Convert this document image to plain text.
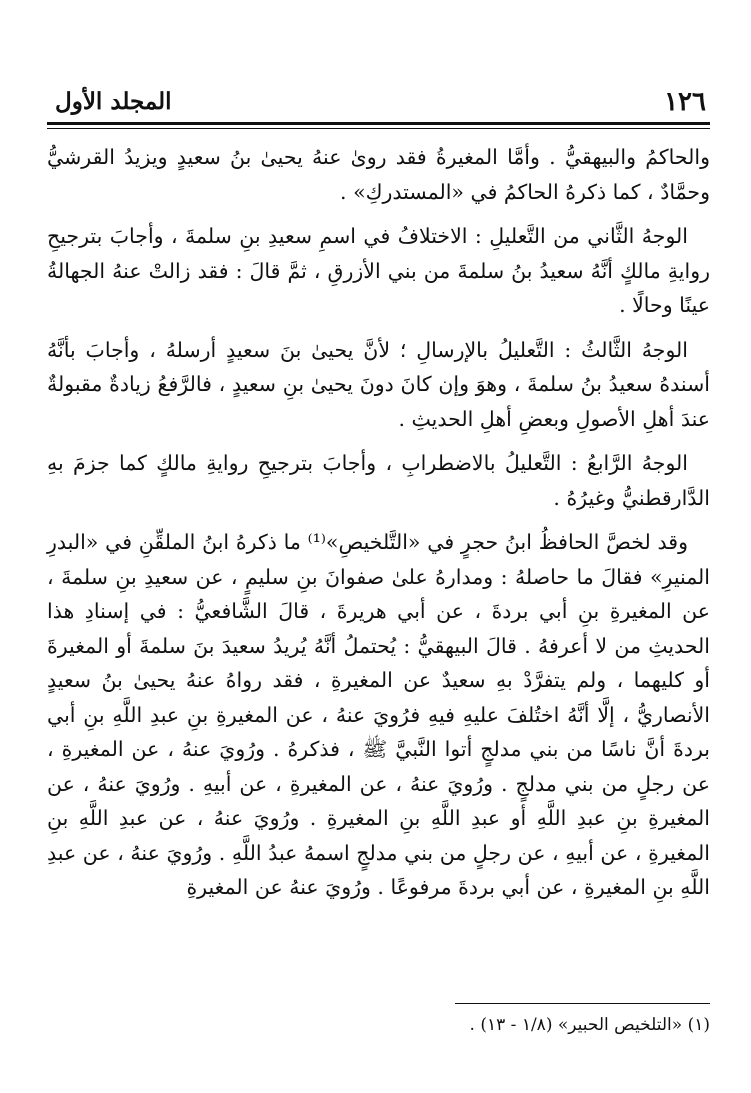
١٢٦
المجلد الأول

والحاكمُ والبيهقيُّ . وأمَّا المغيرةُ فقد روىٰ عنهُ يحيىٰ بنُ سعيدٍ ويزيدُ القرشيُّ وحمَّادٌ ، كما ذكرهُ الحاكمُ في «المستدركِ» .

الوجهُ الثَّاني من التَّعليلِ : الاختلافُ في اسمِ سعيدِ بنِ سلمةَ ، وأجابَ بترجيحِ روايةِ مالكٍ أنَّهُ سعيدُ بنُ سلمةَ من بني الأزرقِ ، ثمَّ قالَ : فقد زالتْ عنهُ الجهالةُ عينًا وحالًا .

الوجهُ الثَّالثُ : التَّعليلُ بالإرسالِ ؛ لأنَّ يحيىٰ بنَ سعيدٍ أرسلهُ ، وأجابَ بأنَّهُ أسندهُ سعيدُ بنُ سلمةَ ، وهوَ وإن كانَ دونَ يحيىٰ بنِ سعيدٍ ، فالرَّفعُ زيادةٌ مقبولةٌ عندَ أهلِ الأصولِ وبعضِ أهلِ الحديثِ .

الوجهُ الرَّابعُ : التَّعليلُ بالاضطرابِ ، وأجابَ بترجيحِ روايةِ مالكٍ كما جزمَ بهِ الدَّارقطنيُّ وغيرُهُ .

وقد لخصَّ الحافظُ ابنُ حجرٍ في «التَّلخيصِ»⁽¹⁾ ما ذكرهُ ابنُ الملقِّنِ في «البدرِ المنيرِ» فقالَ ما حاصلهُ : ومدارهُ علىٰ صفوانَ بنِ سليمٍ ، عن سعيدِ بنِ سلمةَ ، عن المغيرةِ بنِ أبي بردةَ ، عن أبي هريرةَ ، قالَ الشَّافعيُّ : في إسنادِ هذا الحديثِ من لا أعرفهُ . قالَ البيهقيُّ : يُحتملُ أنَّهُ يُريدُ سعيدَ بنَ سلمةَ أو المغيرةَ أو كليهما ، ولم يتفرَّدْ بهِ سعيدٌ عن المغيرةِ ، فقد رواهُ عنهُ يحيىٰ بنُ سعيدٍ الأنصاريُّ ، إلَّا أنَّهُ اختُلفَ عليهِ فيهِ فرُويَ عنهُ ، عن المغيرةِ بنِ عبدِ اللَّهِ بنِ أبي بردةَ أنَّ ناسًا من بني مدلجٍ أتوا النَّبيَّ ﷺ ، فذكرهُ . ورُويَ عنهُ ، عن المغيرةِ ، عن رجلٍ من بني مدلجٍ . ورُويَ عنهُ ، عن المغيرةِ ، عن أبيهِ . ورُويَ عنهُ ، عن المغيرةِ بنِ عبدِ اللَّهِ أو عبدِ اللَّهِ بنِ المغيرةِ . ورُويَ عنهُ ، عن عبدِ اللَّهِ بنِ المغيرةِ ، عن أبيهِ ، عن رجلٍ من بني مدلجٍ اسمهُ عبدُ اللَّهِ . ورُويَ عنهُ ، عن عبدِ اللَّهِ بنِ المغيرةِ ، عن أبي بردةَ مرفوعًا . ورُويَ عنهُ عن المغيرةِ

(١) «التلخيص الحبير» (١/٨ - ١٣) .
